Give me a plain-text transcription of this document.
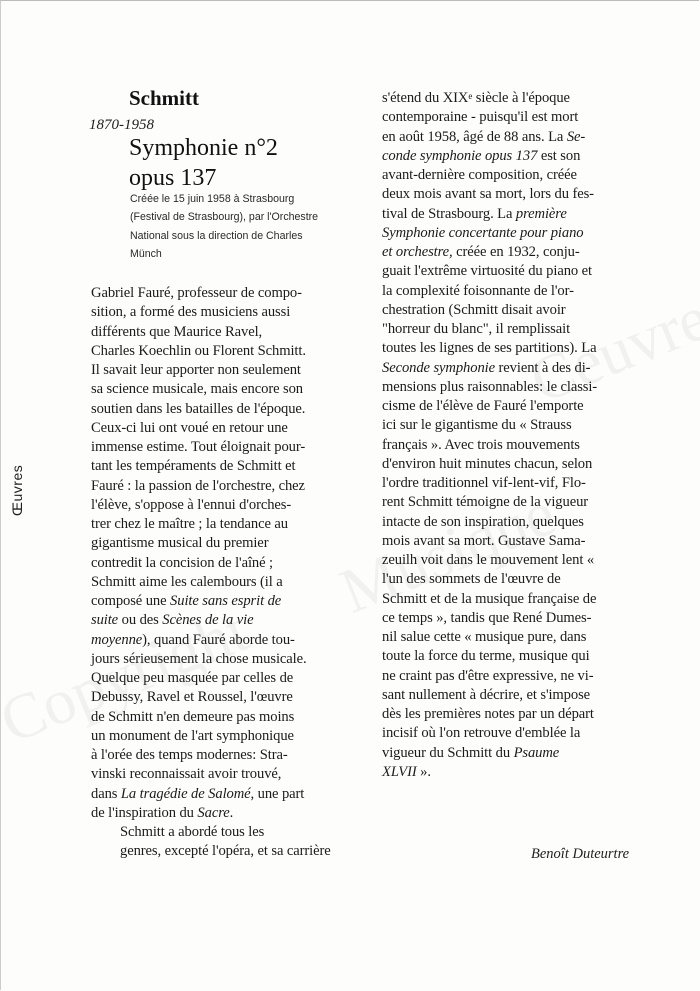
Œuvres
Schmitt
1870-1958
Symphonie n°2
opus 137
Créée le 15 juin 1958 à Strasbourg
(Festival de Strasbourg), par l'Orchestre
National sous la direction de Charles
Münch
Gabriel Fauré, professeur de compo-
sition, a formé des musiciens aussi
différents que Maurice Ravel,
Charles Koechlin ou Florent Schmitt.
Il savait leur apporter non seulement
sa science musicale, mais encore son
soutien dans les batailles de l'époque.
Ceux-ci lui ont voué en retour une
immense estime. Tout éloignait pour-
tant les tempéraments de Schmitt et
Fauré : la passion de l'orchestre, chez
l'élève, s'oppose à l'ennui d'orches-
trer chez le maître ; la tendance au
gigantisme musical du premier
contredit la concision de l'aîné ;
Schmitt aime les calembours (il a
composé une Suite sans esprit de
suite ou des Scènes de la vie
moyenne), quand Fauré aborde tou-
jours sérieusement la chose musicale.
Quelque peu masquée par celles de
Debussy, Ravel et Roussel, l'œuvre
de Schmitt n'en demeure pas moins
un monument de l'art symphonique
à l'orée des temps modernes: Stra-
vinski reconnaissait avoir trouvé,
dans La tragédie de Salomé, une part
de l'inspiration du Sacre.
Schmitt a abordé tous les
genres, excepté l'opéra, et sa carrière
s'étend du XIXe siècle à l'époque
contemporaine - puisqu'il est mort
en août 1958, âgé de 88 ans. La Se-
conde symphonie opus 137 est son
avant-dernière composition, créée
deux mois avant sa mort, lors du fes-
tival de Strasbourg. La première
Symphonie concertante pour piano
et orchestre, créée en 1932, conju-
guait l'extrême virtuosité du piano et
la complexité foisonnante de l'or-
chestration (Schmitt disait avoir
"horreur du blanc", il remplissait
toutes les lignes de ses partitions). La
Seconde symphonie revient à des di-
mensions plus raisonnables: le classi-
cisme de l'élève de Fauré l'emporte
ici sur le gigantisme du « Strauss
français ». Avec trois mouvements
d'environ huit minutes chacun, selon
l'ordre traditionnel vif-lent-vif, Flo-
rent Schmitt témoigne de la vigueur
intacte de son inspiration, quelques
mois avant sa mort. Gustave Sama-
zeuilh voit dans le mouvement lent «
l'un des sommets de l'œuvre de
Schmitt et de la musique française de
ce temps », tandis que René Dumes-
nil salue cette « musique pure, dans
toute la force du terme, musique qui
ne craint pas d'être expressive, ne vi-
sant nullement à décrire, et s'impose
dès les premières notes par un départ
incisif où l'on retrouve d'emblée la
vigueur du Schmitt du Psaume
XLVII ».
Benoît Duteurtre
